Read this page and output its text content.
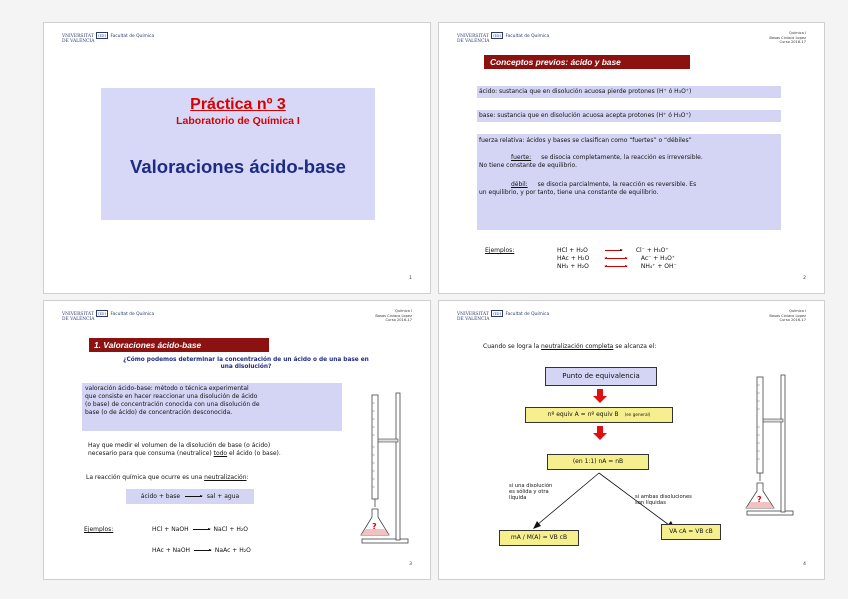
VNIVERSITAT (ID) Facultat de Química
DE VALÈNCIA
Práctica nº 3
Laboratorio de Química I
Valoraciones ácido-base
1
VNIVERSITAT (ID) Facultat de Química
DE VALÈNCIA
Química I
Basas Ciniaco Lopez
Curso 2016-17
Conceptos previos: ácido y base
ácido: sustancia que en disolución acuosa pierde protones (H⁺ ó H₃O⁺)
base: sustancia que en disolución acuosa acepta protones (H⁺ ó H₃O⁺)
fuerza relativa: ácidos y bases se clasifican como “fuertes” o “débiles”
fuerte: se disocia completamente, la reacción es irreversible.
No tiene constante de equilibrio.
débil: se disocia parcialmente, la reacción es reversible. Es
un equilibrio, y por tanto, tiene una constante de equilibrio.
Ejemplos:	HCl + H₂O	Cl⁻ + H₃O⁺
HAc + H₂O	Ac⁻ + H₃O⁺
NH₃ + H₂O	NH₄⁺ + OH⁻
2
VNIVERSITAT (ID) Facultat de Química
DE VALÈNCIA
Química I
Basas Ciniaco Lopez
Curso 2016-17
1. Valoraciones ácido-base
¿Cómo podemos determinar la concentración de un ácido o de una base en
una disolución?
valoración ácido-base: método o técnica experimental
que consiste en hacer reaccionar una disolución de ácido
(o base) de concentración conocida con una disolución de
base (o de ácido) de concentración desconocida.
Hay que medir el volumen de la disolución de base (o ácido)
necesario para que consuma (neutralice) todo el ácido (o base).
La reacción química que ocurre es una neutralización:
ácido + base	sal + agua
Ejemplos:	HCl + NaOH	NaCl + H₂O
HAc + NaOH	NaAc + H₂O
?
3
VNIVERSITAT (ID) Facultat de Química
DE VALÈNCIA
Química I
Basas Ciniaco Lopez
Curso 2016-17
Cuando se logra la neutralización completa se alcanza el:
Punto de equivalencia
nº equiv A = nº equiv B (en general)
(en 1:1) nA = nB
si una disolución
es sólida y otra
líquida	si ambas disoluciones
son líquidas
mA / M(A) = VB cB
VA cA = VB cB
?
4
